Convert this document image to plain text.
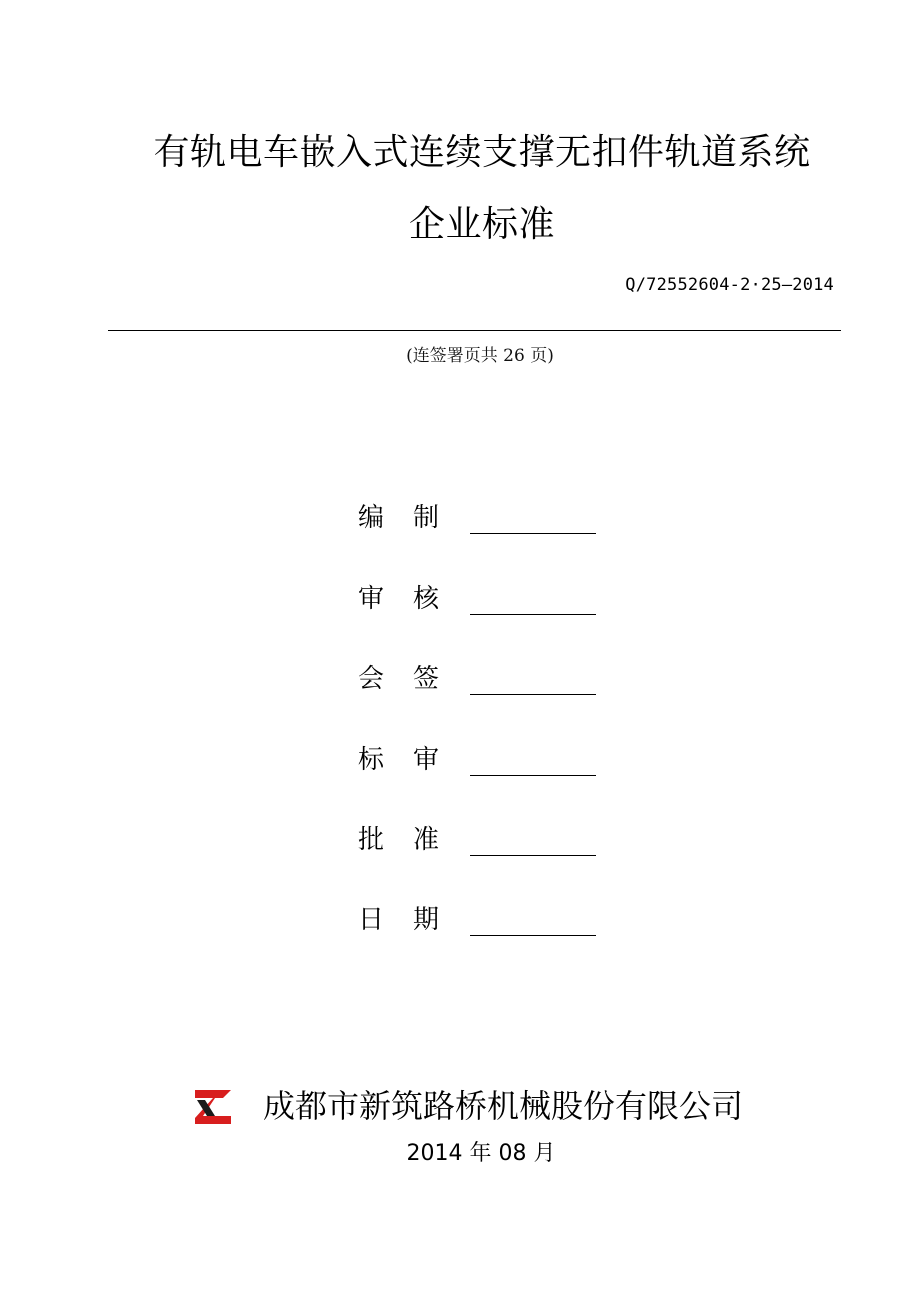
有轨电车嵌入式连续支撑无扣件轨道系统
企业标准
Q/72552604-2·25—2014
(连签署页共 26 页)
编制
审核
会签
标审
批准
日期
成都市新筑路桥机械股份有限公司
2014 年 08 月
